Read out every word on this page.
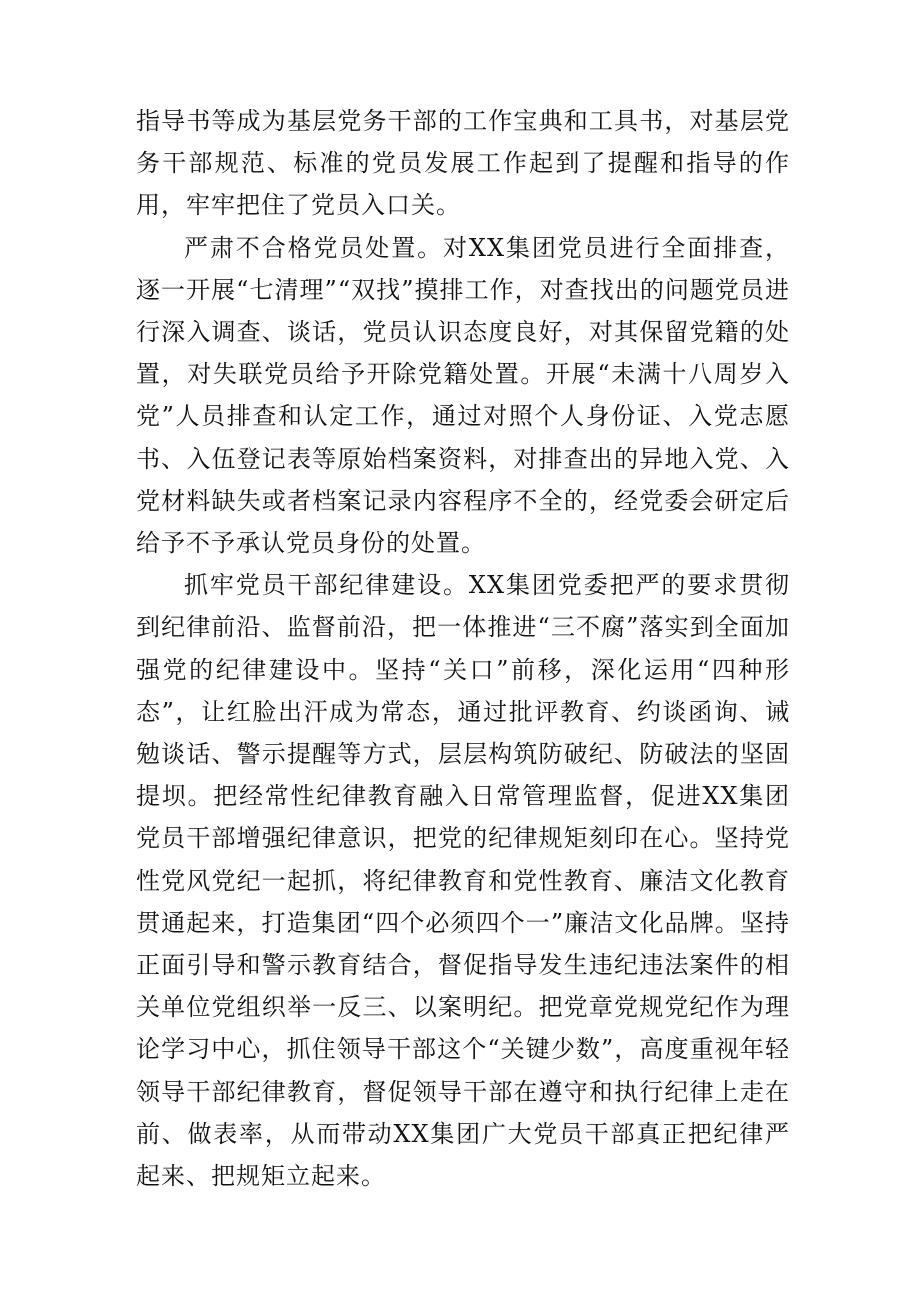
指导书等成为基层党务干部的工作宝典和工具书，对基层党务干部规范、标准的党员发展工作起到了提醒和指导的作用，牢牢把住了党员入口关。

严肃不合格党员处置。对XX集团党员进行全面排查，逐一开展“七清理”“双找”摸排工作，对查找出的问题党员进行深入调查、谈话，党员认识态度良好，对其保留党籍的处置，对失联党员给予开除党籍处置。开展“未满十八周岁入党”人员排查和认定工作，通过对照个人身份证、入党志愿书、入伍登记表等原始档案资料，对排查出的异地入党、入党材料缺失或者档案记录内容程序不全的，经党委会研定后给予不予承认党员身份的处置。

抓牢党员干部纪律建设。XX集团党委把严的要求贯彻到纪律前沿、监督前沿，把一体推进“三不腐”落实到全面加强党的纪律建设中。坚持“关口”前移，深化运用“四种形态”，让红脸出汗成为常态，通过批评教育、约谈函询、诫勉谈话、警示提醒等方式，层层构筑防破纪、防破法的坚固提坝。把经常性纪律教育融入日常管理监督，促进XX集团党员干部增强纪律意识，把党的纪律规矩刻印在心。坚持党性党风党纪一起抓，将纪律教育和党性教育、廉洁文化教育贯通起来，打造集团“四个必须四个一”廉洁文化品牌。坚持正面引导和警示教育结合，督促指导发生违纪违法案件的相关单位党组织举一反三、以案明纪。把党章党规党纪作为理论学习中心，抓住领导干部这个“关键少数”，高度重视年轻领导干部纪律教育，督促领导干部在遵守和执行纪律上走在前、做表率，从而带动XX集团广大党员干部真正把纪律严起来、把规矩立起来。
